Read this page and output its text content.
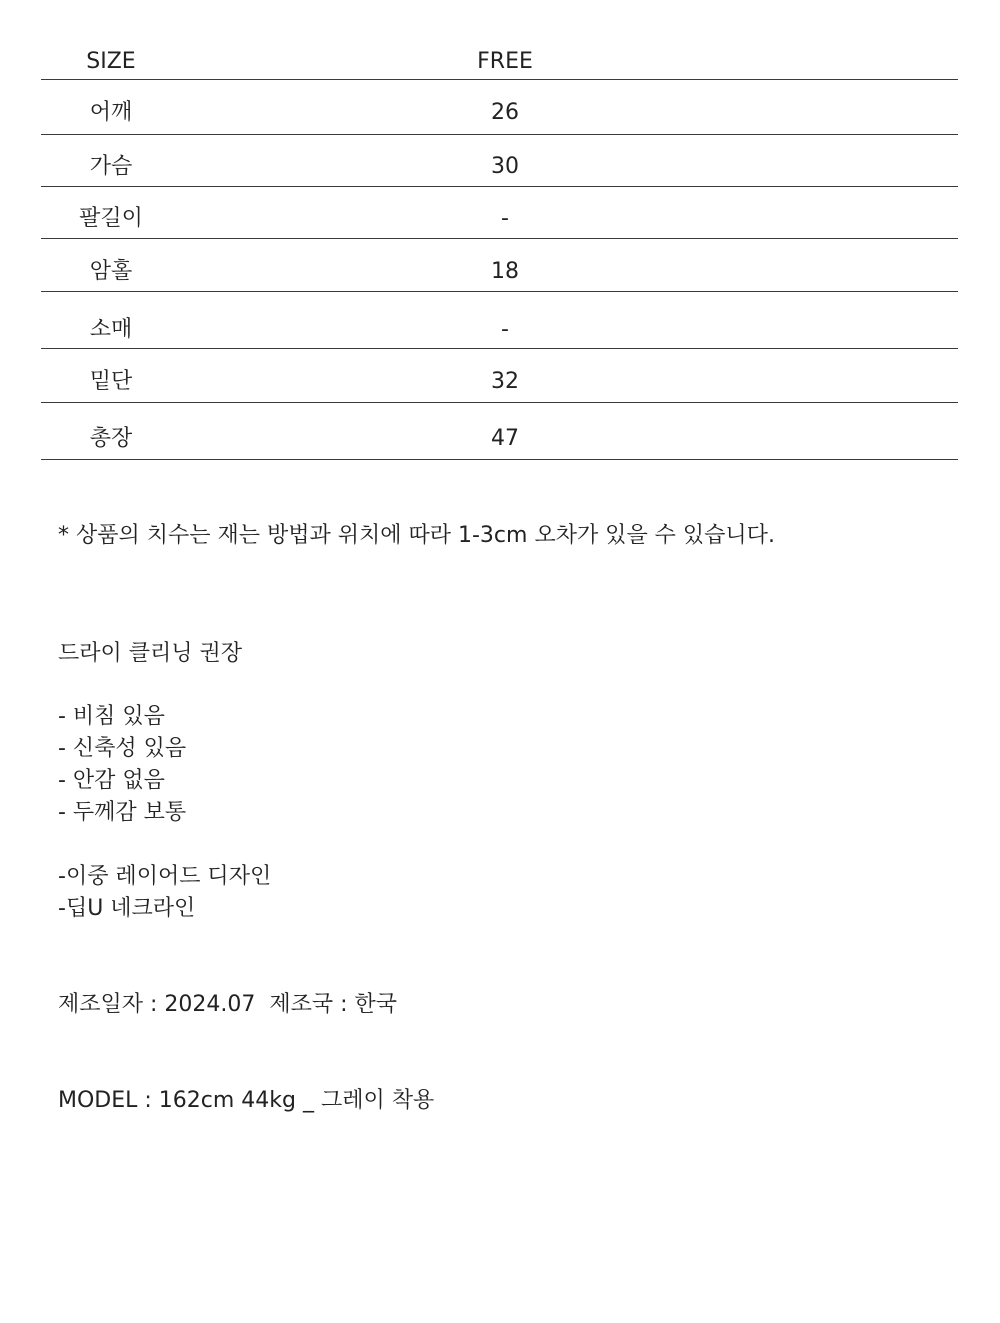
SIZE	FREE
어깨	26
가슴	30
팔길이	-
암홀	18
소매	-
밑단	32
총장	47
* 상품의 치수는 재는 방법과 위치에 따라 1-3cm 오차가 있을 수 있습니다.
드라이 클리닝 권장
- 비침 있음
- 신축성 있음
- 안감 없음
- 두께감 보통
-이중 레이어드 디자인
-딥U 네크라인
제조일자 : 2024.07  제조국 : 한국
MODEL : 162cm 44kg _ 그레이 착용
